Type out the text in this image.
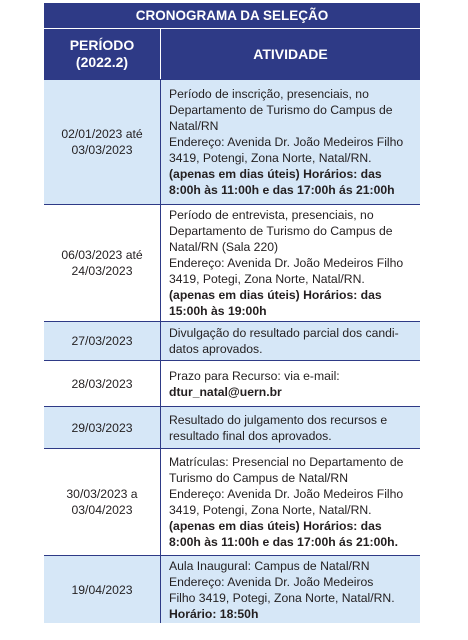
CRONOGRAMA DA SELEÇÃO
PERÍODO
(2022.2)	ATIVIDADE
02/01/2023 até
03/03/2023
Período de inscrição, presenciais, no
Departamento de Turismo do Campus de
Natal/RN
Endereço: Avenida Dr. João Medeiros Filho
3419, Potengi, Zona Norte, Natal/RN.
(apenas em dias úteis) Horários: das
8:00h às 11:00h e das 17:00h ás 21:00h
06/03/2023 até
24/03/2023
Período de entrevista, presenciais, no
Departamento de Turismo do Campus de
Natal/RN (Sala 220)
Endereço: Avenida Dr. João Medeiros Filho
3419, Potegi, Zona Norte, Natal/RN.
(apenas em dias úteis) Horários: das
15:00h às 19:00h
27/03/2023
Divulgação do resultado parcial dos candi-
datos aprovados.
28/03/2023
Prazo para Recurso: via e-mail:
dtur_natal@uern.br
29/03/2023
Resultado do julgamento dos recursos e
resultado final dos aprovados.
30/03/2023 a
03/04/2023
Matrículas: Presencial no Departamento de
Turismo do Campus de Natal/RN
Endereço: Avenida Dr. João Medeiros Filho
3419, Potengi, Zona Norte, Natal/RN.
(apenas em dias úteis) Horários: das
8:00h às 11:00h e das 17:00h ás 21:00h.
19/04/2023
Aula Inaugural: Campus de Natal/RN
Endereço: Avenida Dr. João Medeiros
Filho 3419, Potegi, Zona Norte, Natal/RN.
Horário: 18:50h
